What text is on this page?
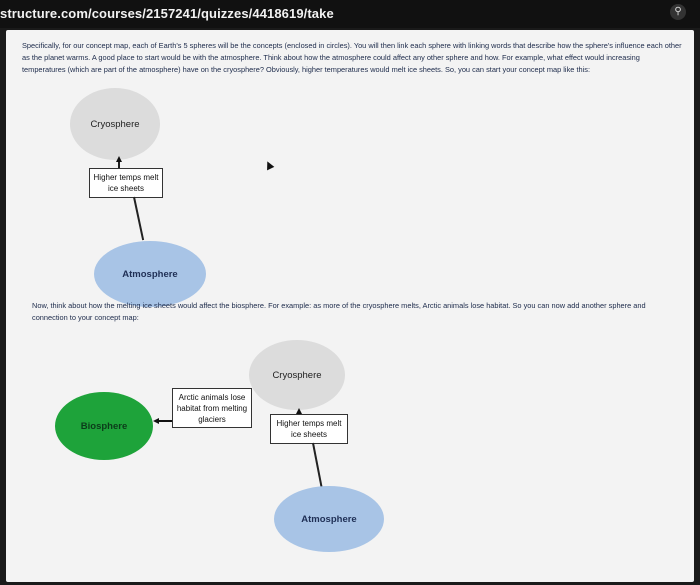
structure.com/courses/2157241/quizzes/4418619/take	⚲
Specifically, for our concept map, each of Earth's 5 spheres will be the concepts (enclosed in circles). You will then link each sphere with linking words that describe how the sphere's influence each other as the planet warms. A good place to start would be with the atmosphere. Think about how the atmosphere could affect any other sphere and how. For example, what effect would increasing temperatures (which are part of the atmosphere) have on the cryosphere? Obviously, higher temperatures would melt ice sheets. So, you can start your concept map like this:
Cryosphere
Higher temps melt ice sheets
Atmosphere
Now, think about how the melting ice sheets would affect the biosphere. For example: as more of the cryosphere melts, Arctic animals lose habitat. So you can now add another sphere and connection to your concept map:
Cryosphere
Higher temps melt ice sheets
Atmosphere
Biosphere
Arctic animals lose habitat from melting glaciers
